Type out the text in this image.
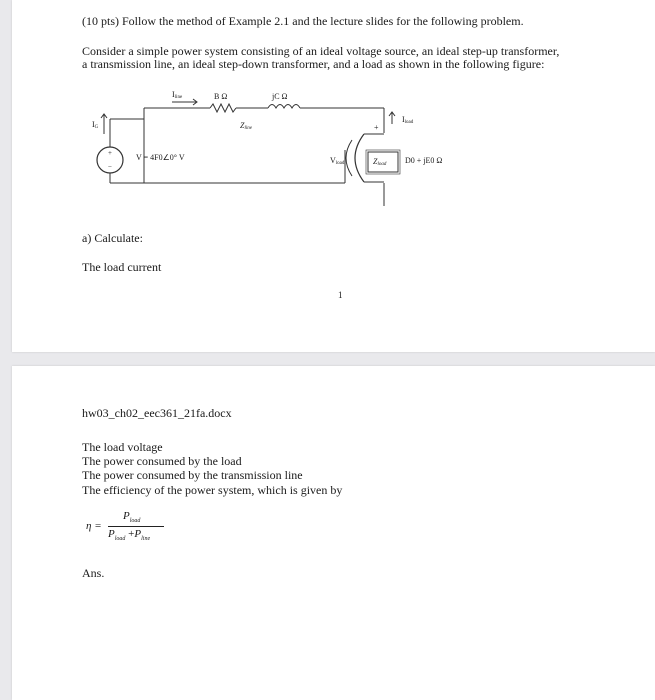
(10 pts) Follow the method of Example 2.1 and the lecture slides for the following problem.
Consider a simple power system consisting of an ideal voltage source, an ideal step-up transformer,
a transmission line, an ideal step-down transformer, and a load as shown in the following figure:
$I_{line}$	B Ω	jC Ω
$Z_{line}$
$I_G$
+
−
V = 4F0∠0° V	$V_{load}$
+
$Z_{load}$
$I_{load}$
D0 + jE0 Ω
a) Calculate:
The load current
1
hw03_ch02_eec361_21fa.docx
The load voltage
The power consumed by the load
The power consumed by the transmission line
The efficiency of the power system, which is given by
η =
$P_{load}$
$P_{load} +P_{line}$
Ans.
